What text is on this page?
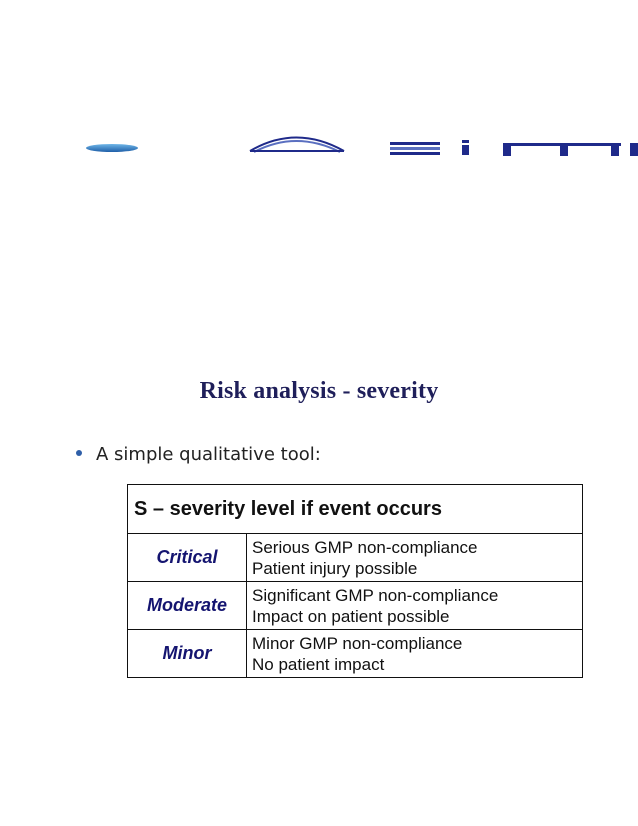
Risk analysis - severity
A simple qualitative tool:
S – severity level if event occurs	
Critical	Serious GMP non-compliance
Patient injury possible

Moderate	Significant GMP non-compliance
Impact on patient possible

Minor	Minor GMP non-compliance
No patient impact
